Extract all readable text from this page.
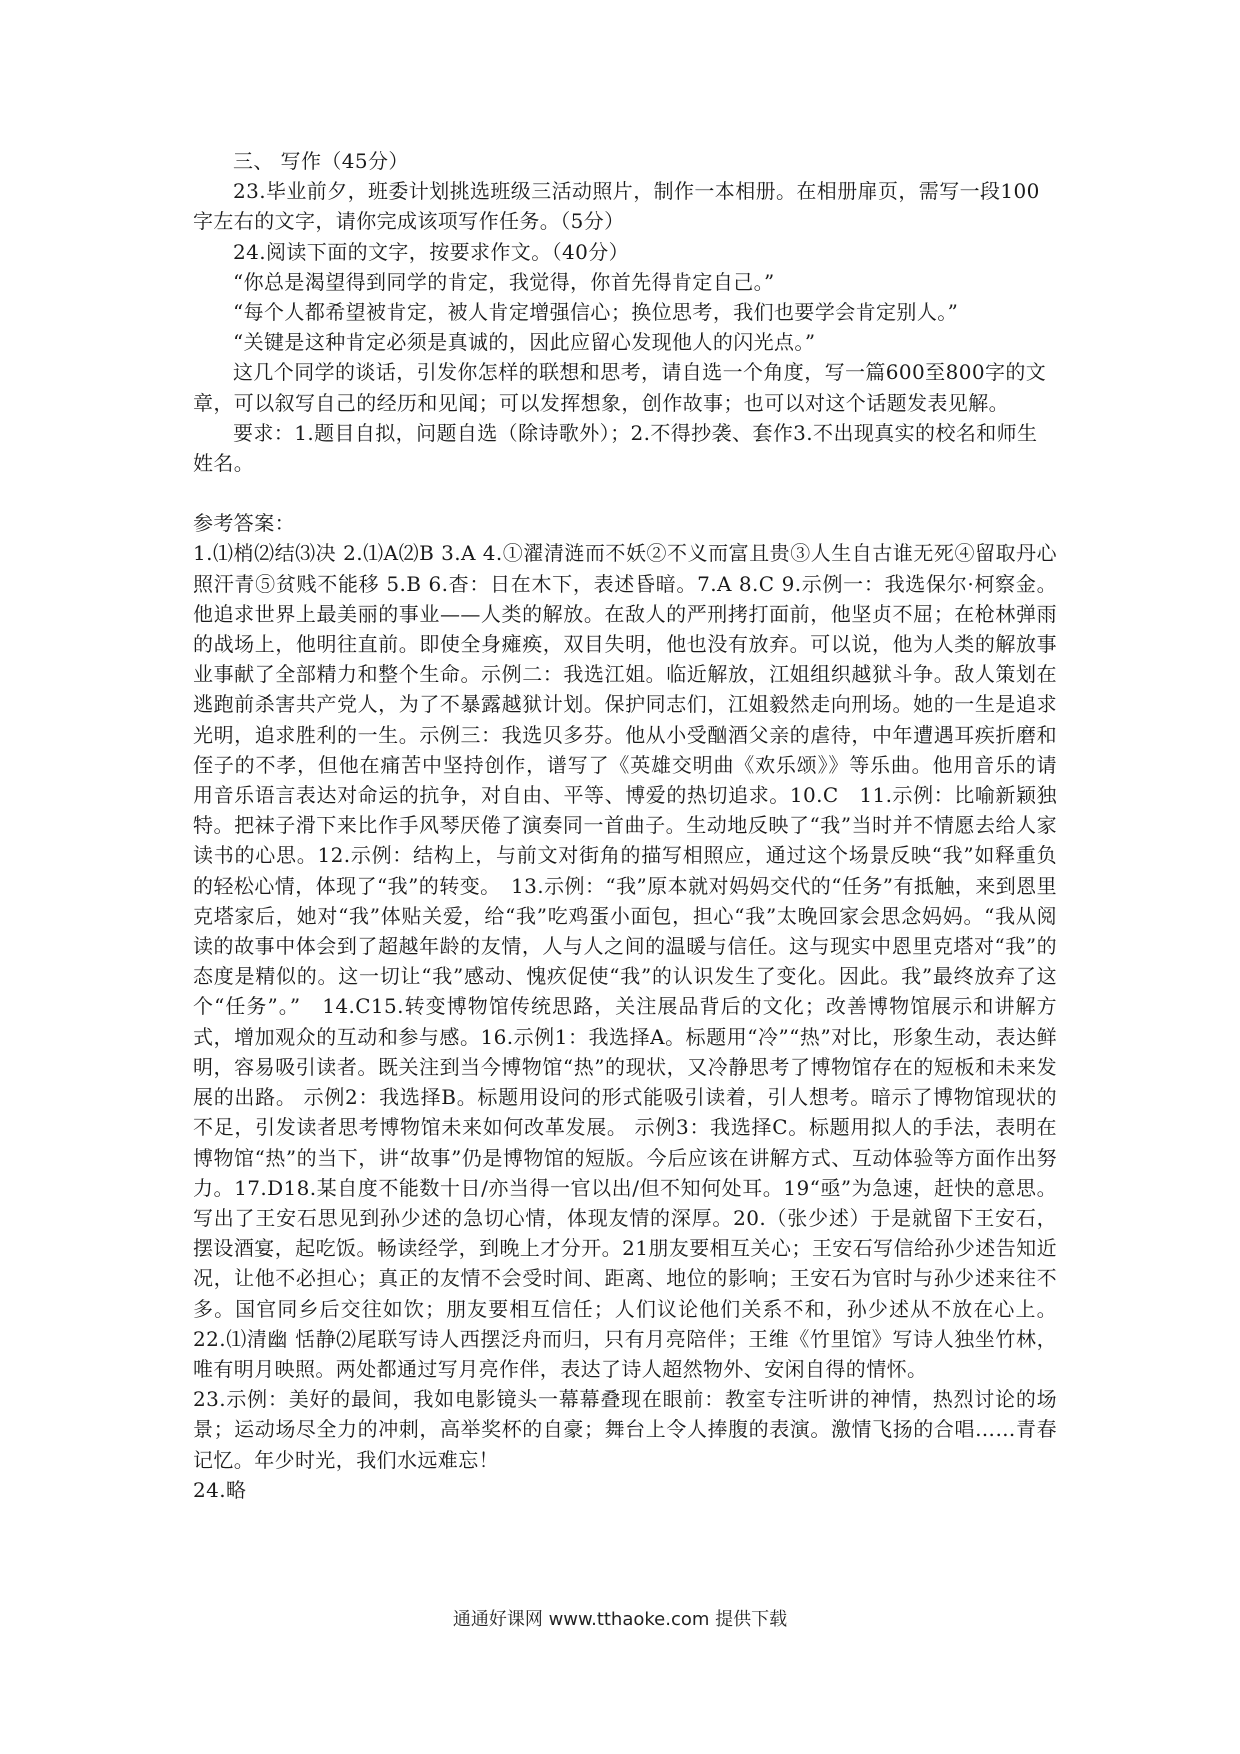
三、 写作（45分）

23.毕业前夕，班委计划挑选班级三活动照片，制作一本相册。在相册扉页，需写一段100字左右的文字，请你完成该项写作任务。（5分）

24.阅读下面的文字，按要求作文。（40分）

“你总是渴望得到同学的肯定，我觉得，你首先得肯定自己。”

“每个人都希望被肯定，被人肯定增强信心；换位思考，我们也要学会肯定别人。”

“关键是这种肯定必须是真诚的，因此应留心发现他人的闪光点。”

这几个同学的谈话，引发你怎样的联想和思考，请自选一个角度，写一篇600至800字的文章，可以叙写自己的经历和见闻；可以发挥想象，创作故事；也可以对这个话题发表见解。

要求：1.题目自拟，问题自选（除诗歌外）；2.不得抄袭、套作3.不出现真实的校名和师生姓名。

参考答案：

1.⑴梢⑵结⑶决 2.⑴A⑵B 3.A 4.①濯清涟而不妖②不义而富且贵③人生自古谁无死④留取丹心照汗青⑤贫贱不能移 5.B 6.杳：日在木下，表述昏暗。7.A 8.C 9.示例一：我选保尔·柯察金。他追求世界上最美丽的事业——人类的解放。在敌人的严刑拷打面前，他坚贞不屈；在枪林弹雨的战场上，他明往直前。即使全身瘫痪，双目失明，他也没有放弃。可以说，他为人类的解放事业事献了全部精力和整个生命。示例二：我选江姐。临近解放，江姐组织越狱斗争。敌人策划在逃跑前杀害共产党人，为了不暴露越狱计划。保护同志们，江姐毅然走向刑场。她的一生是追求光明，追求胜利的一生。示例三：我选贝多芬。他从小受酗酒父亲的虐待，中年遭遇耳疾折磨和侄子的不孝，但他在痛苦中坚持创作，谱写了《英雄交明曲《欢乐颂》》等乐曲。他用音乐的请用音乐语言表达对命运的抗争，对自由、平等、博爱的热切追求。10.C　11.示例：比喻新颖独特。把袜子滑下来比作手风琴厌倦了演奏同一首曲子。生动地反映了“我”当时并不情愿去给人家读书的心思。12.示例：结构上，与前文对街角的描写相照应，通过这个场景反映“我”如释重负的轻松心情，体现了“我”的转变。　13.示例：“我”原本就对妈妈交代的“任务”有抵触，来到恩里克塔家后，她对“我”体贴关爱，给“我”吃鸡蛋小面包，担心“我”太晚回家会思念妈妈。“我从阅读的故事中体会到了超越年龄的友情，人与人之间的温暖与信任。这与现实中恩里克塔对“我”的态度是精似的。这一切让“我”感动、愧疚促使“我”的认识发生了变化。因此。我”最终放弃了这个“任务”。”　14.C15.转变博物馆传统思路，关注展品背后的文化；改善博物馆展示和讲解方式，增加观众的互动和参与感。16.示例1：我选择A。标题用“冷”“热”对比，形象生动，表达鲜明，容易吸引读者。既关注到当今博物馆“热”的现状，又冷静思考了博物馆存在的短板和未来发展的出路。 示例2：我选择B。标题用设问的形式能吸引读着，引人想考。暗示了博物馆现状的不足，引发读者思考博物馆未来如何改革发展。 示例3：我选择C。标题用拟人的手法，表明在博物馆“热”的当下，讲“故事”仍是博物馆的短版。今后应该在讲解方式、互动体验等方面作出努力。17.D18.某自度不能数十日/亦当得一官以出/但不知何处耳。19“亟”为急速，赶快的意思。写出了王安石思见到孙少述的急切心情，体现友情的深厚。20.（张少述）于是就留下王安石，摆设酒宴，起吃饭。畅读经学，到晚上才分开。21朋友要相互关心；王安石写信给孙少述告知近况，让他不必担心；真正的友情不会受时间、距离、地位的影响；王安石为官时与孙少述来往不多。国官同乡后交往如饮；朋友要相互信任；人们议论他们关系不和，孙少述从不放在心上。22.⑴清幽 恬静⑵尾联写诗人西摆泛舟而归，只有月亮陪伴；王维《竹里馆》写诗人独坐竹林，唯有明月映照。两处都通过写月亮作伴，表达了诗人超然物外、安闲自得的情怀。

23.示例：美好的最间，我如电影镜头一幕幕叠现在眼前：教室专注听讲的神情，热烈讨论的场景；运动场尽全力的冲刺，高举奖杯的自豪；舞台上令人捧腹的表演。激情飞扬的合唱……青春记忆。年少时光，我们水远难忘！

24.略

通通好课网 www.tthaoke.com 提供下载
